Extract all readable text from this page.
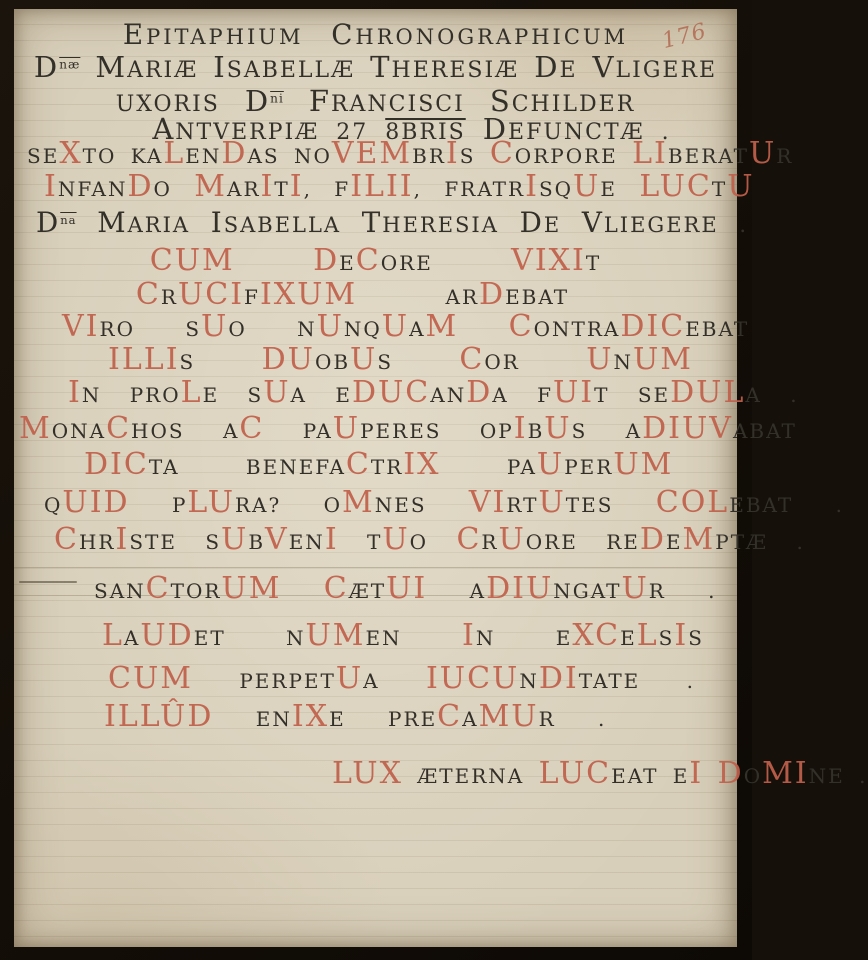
176
EPITAPHIUM CHRONOGRAPHICUM
$D^{\overline{næ}}$ MARIÆ ISABELLÆ THERESIÆ DE VLIGERE
UXORIS $D^{\overline{ni}}$ FRANCISCI SCHILDER
ANTVERPIÆ 27 8BRIS DEFUNCTÆ .
SEXTO KALENDAS NOVEMBRIS CORPORE LIBERATUR
INFANDO MARITI, FILII, FRATRISQUE LUCTU
$D^{\overline{na}}$ MARIA ISABELLA THERESIA DE VLIEGERE .
CUM	DECORE VIXIT
CRUCIFIXUM ARDEBAT
VIRO SUO NUNQUAM CONTRADICEBAT
ILLIS DUOBUS COR UNUM
IN PROLE SUA EDUCANDA FUIT SEDULA .
MONACHOS AC PAUPERES OPIBUS ADIUVABAT
DICTA BENEFACTRIX PAUPERUM
QUID PLURA? OMNES VIRTUTES COLEBAT .
CHRISTE SUBVENI TUO CRUORE REDEMPTÆ .
SANCTORUM CÆTUI ADIUNGATUR .
LAUDET NUMEN IN EXCELSIS
CUM PERPETUA IUCUNDITATE .
ILLÛD ENIXE PRECAMUR .
LUX ÆTERNA LUCEAT EI DOMINE .
